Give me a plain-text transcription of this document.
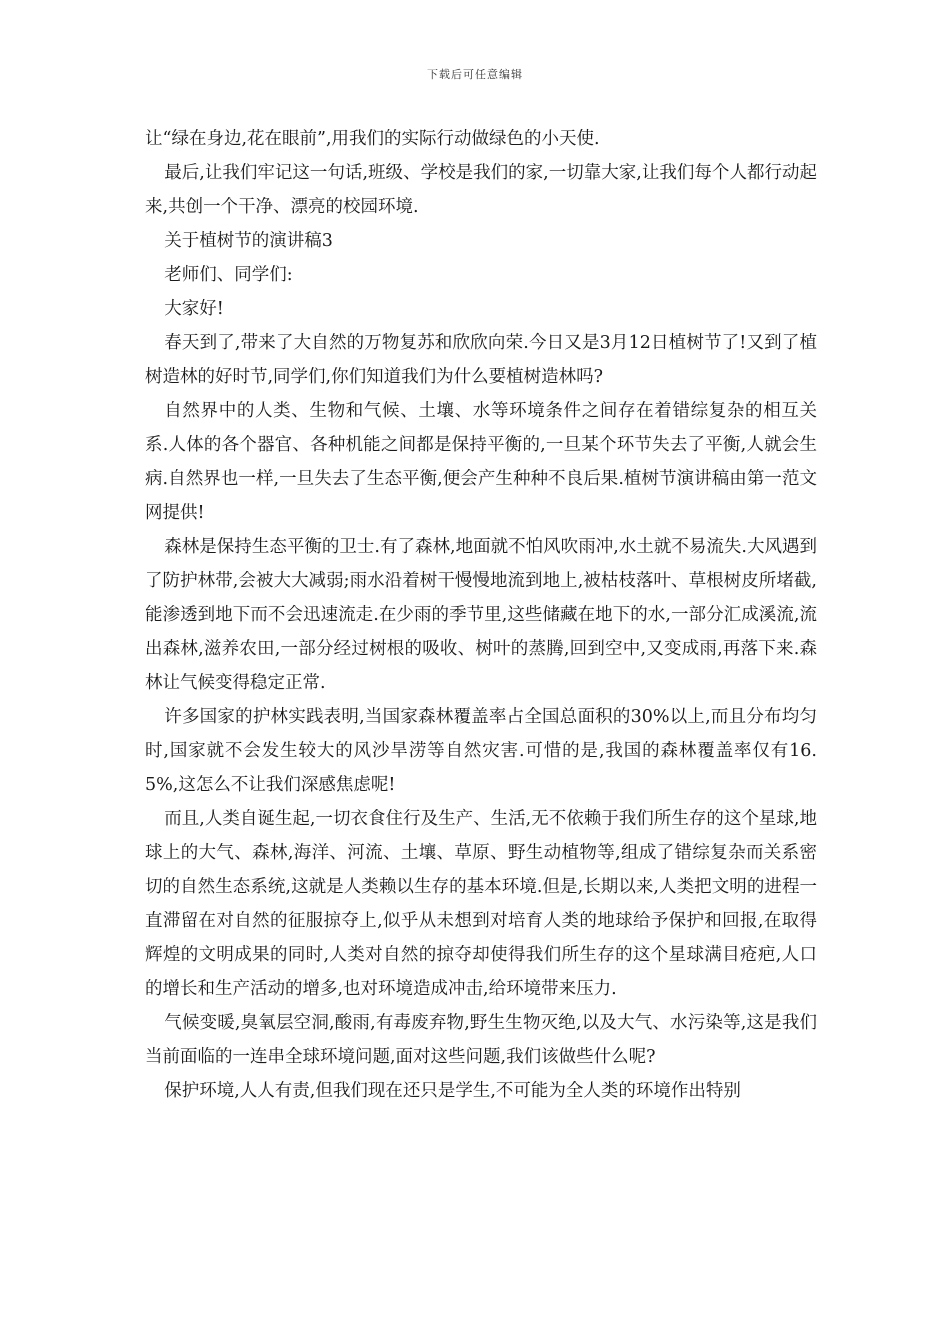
下载后可任意编辑

让“绿在身边,花在眼前”,用我们的实际行动做绿色的小天使.

最后,让我们牢记这一句话,班级、学校是我们的家,一切靠大家,让我们每个人都行动起来,共创一个干净、漂亮的校园环境.

关于植树节的演讲稿3

老师们、同学们:

大家好!

春天到了,带来了大自然的万物复苏和欣欣向荣.今日又是3月12日植树节了!又到了植树造林的好时节,同学们,你们知道我们为什么要植树造林吗?

自然界中的人类、生物和气候、土壤、水等环境条件之间存在着错综复杂的相互关系.人体的各个器官、各种机能之间都是保持平衡的,一旦某个环节失去了平衡,人就会生病.自然界也一样,一旦失去了生态平衡,便会产生种种不良后果.植树节演讲稿由第一范文网提供!

森林是保持生态平衡的卫士.有了森林,地面就不怕风吹雨冲,水土就不易流失.大风遇到了防护林带,会被大大减弱;雨水沿着树干慢慢地流到地上,被枯枝落叶、草根树皮所堵截,能渗透到地下而不会迅速流走.在少雨的季节里,这些储藏在地下的水,一部分汇成溪流,流出森林,滋养农田,一部分经过树根的吸收、树叶的蒸腾,回到空中,又变成雨,再落下来.森林让气候变得稳定正常.

许多国家的护林实践表明,当国家森林覆盖率占全国总面积的30%以上,而且分布均匀时,国家就不会发生较大的风沙旱涝等自然灾害.可惜的是,我国的森林覆盖率仅有16.5%,这怎么不让我们深感焦虑呢!

而且,人类自诞生起,一切衣食住行及生产、生活,无不依赖于我们所生存的这个星球,地球上的大气、森林,海洋、河流、土壤、草原、野生动植物等,组成了错综复杂而关系密切的自然生态系统,这就是人类赖以生存的基本环境.但是,长期以来,人类把文明的进程一直滞留在对自然的征服掠夺上,似乎从未想到对培育人类的地球给予保护和回报,在取得辉煌的文明成果的同时,人类对自然的掠夺却使得我们所生存的这个星球满目疮疤,人口的增长和生产活动的增多,也对环境造成冲击,给环境带来压力.

气候变暖,臭氧层空洞,酸雨,有毒废弃物,野生生物灭绝,以及大气、水污染等,这是我们当前面临的一连串全球环境问题,面对这些问题,我们该做些什么呢?

保护环境,人人有责,但我们现在还只是学生,不可能为全人类的环境作出特别
